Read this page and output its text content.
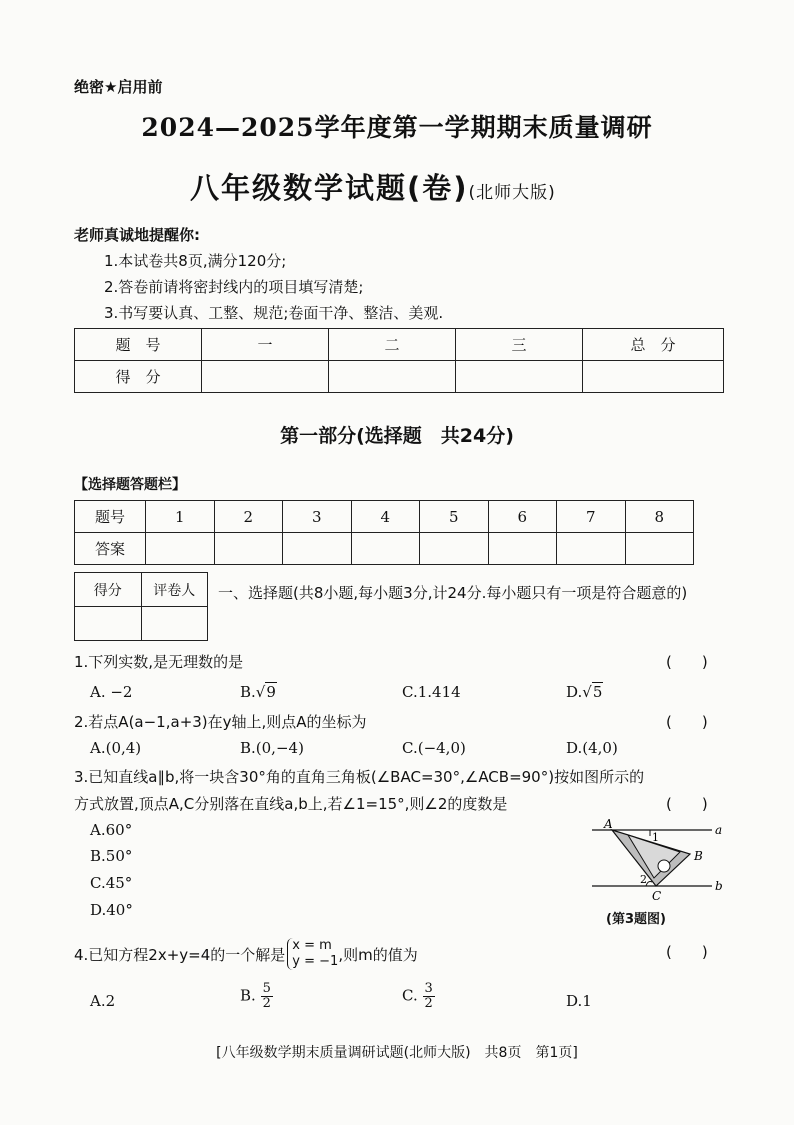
绝密★启用前
2024—2025学年度第一学期期末质量调研
八年级数学试题(卷)(北师大版)
老师真诚地提醒你:
1.本试卷共8页,满分120分;
2.答卷前请将密封线内的项目填写清楚;
3.书写要认真、工整、规范;卷面干净、整洁、美观.
题　号	一	二	三	总　分
得　分				
第一部分(选择题　共24分)
【选择题答题栏】
题号	1	2	3	4	5	6	7	8
答案								
得分	评卷人
	一、选择题(共8小题,每小题3分,计24分.每小题只有一项是符合题意的)
1.下列实数,是无理数的是	(　　)
A. −2	B.√9	C.1.414	D.√5
2.若点A(a−1,a+3)在y轴上,则点A的坐标为	(　　)
A.(0,4)	B.(0,−4)	C.(−4,0)	D.(4,0)
3.已知直线a∥b,将一块含30°角的直角三角板(∠BAC=30°,∠ACB=90°)按如图所示的
方式放置,顶点A,C分别落在直线a,b上,若∠1=15°,则∠2的度数是	(　　)
A.60°
B.50°
C.45°
D.40°
A
B
C
a
b
1
2
(第3题图)
4.已知方程2x+y=4的一个解是 x = m
y = −1 ,则m的值为	(　　)
A.2	B. $\frac{5}{2}$	C. $\frac{3}{2}$	D.1
[八年级数学期末质量调研试题(北师大版)　共8页　第1页]
